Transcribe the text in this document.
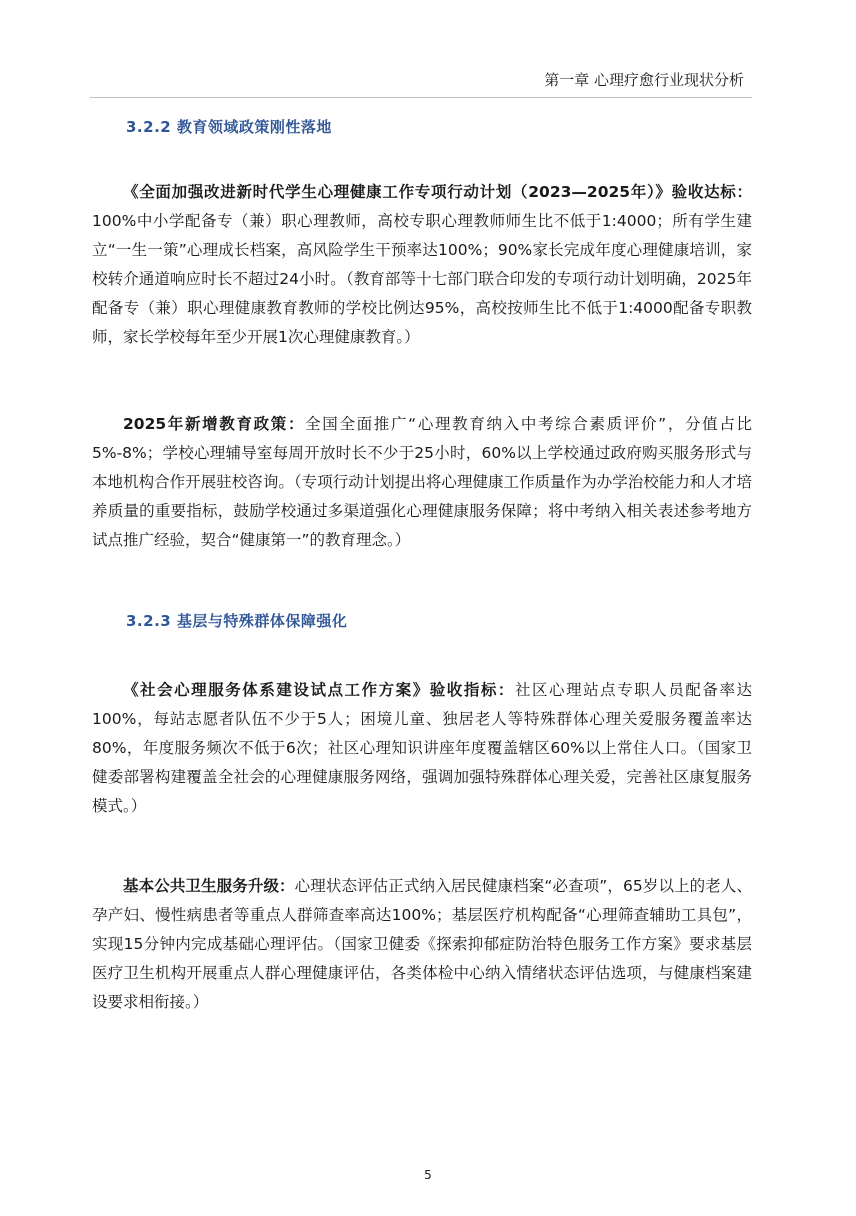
第一章 心理疗愈行业现状分析
3.2.2 教育领域政策刚性落地

《全面加强改进新时代学生心理健康工作专项行动计划（2023—2025年）》验收达标：100%中小学配备专（兼）职心理教师，高校专职心理教师师生比不低于1:4000；所有学生建立“一生一策”心理成长档案，高风险学生干预率达100%；90%家长完成年度心理健康培训，家校转介通道响应时长不超过24小时。（教育部等十七部门联合印发的专项行动计划明确，2025年配备专（兼）职心理健康教育教师的学校比例达95%，高校按师生比不低于1:4000配备专职教师，家长学校每年至少开展1次心理健康教育。）

2025年新增教育政策：全国全面推广“心理教育纳入中考综合素质评价”，分值占比5%-8%；学校心理辅导室每周开放时长不少于25小时，60%以上学校通过政府购买服务形式与本地机构合作开展驻校咨询。（专项行动计划提出将心理健康工作质量作为办学治校能力和人才培养质量的重要指标，鼓励学校通过多渠道强化心理健康服务保障；将中考纳入相关表述参考地方试点推广经验，契合“健康第一”的教育理念。）

3.2.3 基层与特殊群体保障强化

《社会心理服务体系建设试点工作方案》验收指标：社区心理站点专职人员配备率达100%，每站志愿者队伍不少于5人；困境儿童、独居老人等特殊群体心理关爱服务覆盖率达80%，年度服务频次不低于6次；社区心理知识讲座年度覆盖辖区60%以上常住人口。（国家卫健委部署构建覆盖全社会的心理健康服务网络，强调加强特殊群体心理关爱，完善社区康复服务模式。）

基本公共卫生服务升级：心理状态评估正式纳入居民健康档案“必查项”，65岁以上的老人、孕产妇、慢性病患者等重点人群筛查率高达100%；基层医疗机构配备“心理筛查辅助工具包”，实现15分钟内完成基础心理评估。（国家卫健委《探索抑郁症防治特色服务工作方案》要求基层医疗卫生机构开展重点人群心理健康评估，各类体检中心纳入情绪状态评估选项，与健康档案建设要求相衔接。）

5
